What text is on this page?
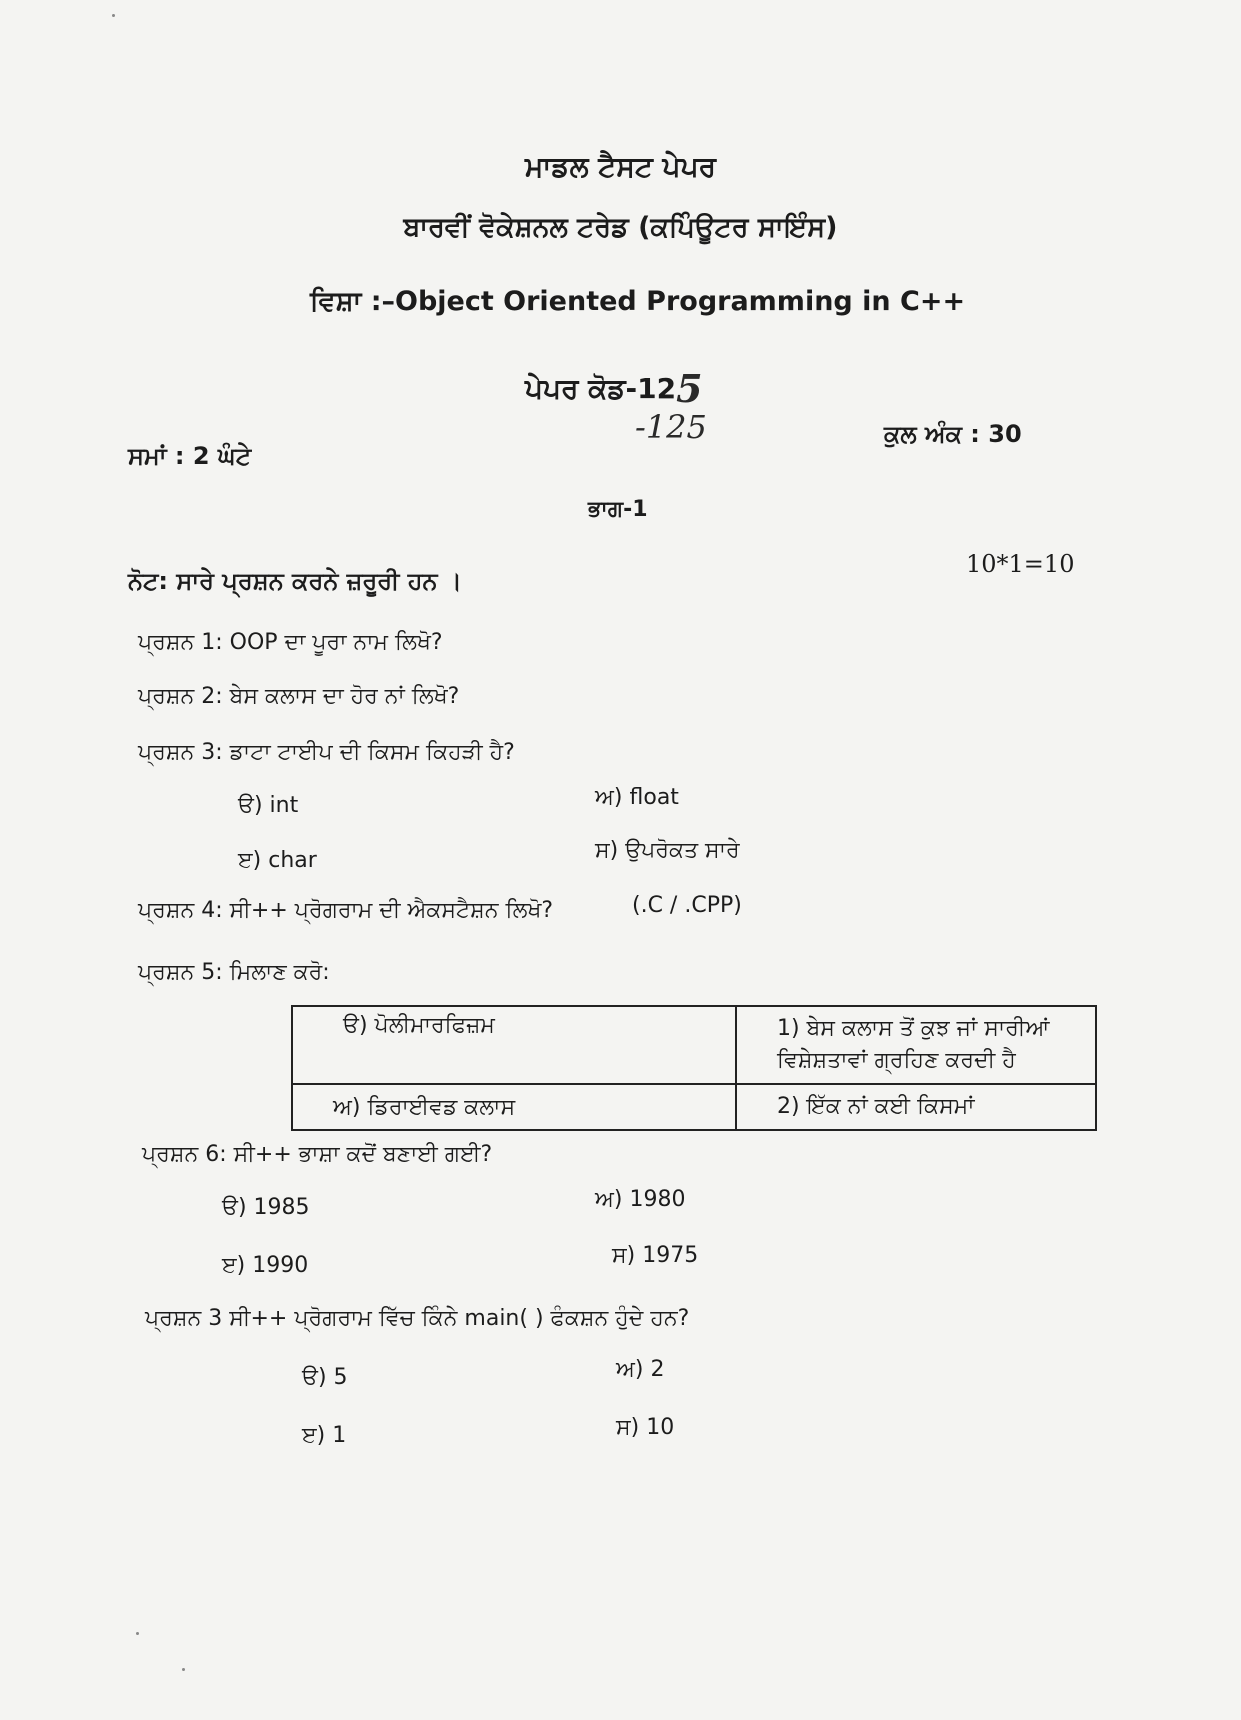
ਮਾਡਲ ਟੈਸਟ ਪੇਪਰ
ਬਾਰਵੀਂ ਵੋਕੇਸ਼ਨਲ ਟਰੇਡ (ਕਪਿੰਊਟਰ ਸਾਇੰਸ)
ਵਿਸ਼ਾ :–Object Oriented Programming in C++
ਪੇਪਰ ਕੋਡ-125
-125
ਸਮਾਂ : 2 ਘੰਟੇ
ਕੁਲ ਅੰਕ : 30
ਭਾਗ-1
ਨੋਟ: ਸਾਰੇ ਪ੍ਰਸ਼ਨ ਕਰਨੇ ਜ਼ਰੂਰੀ ਹਨ ।
10*1=10
ਪ੍ਰਸ਼ਨ 1: OOP ਦਾ ਪੂਰਾ ਨਾਮ ਲਿਖੋ?
ਪ੍ਰਸ਼ਨ 2: ਬੇਸ ਕਲਾਸ ਦਾ ਹੋਰ ਨਾਂ ਲਿਖੋ?
ਪ੍ਰਸ਼ਨ 3: ਡਾਟਾ ਟਾਈਪ ਦੀ ਕਿਸਮ ਕਿਹੜੀ ਹੈ?
ੳ) int	ਅ) float
ੲ) char	ਸ) ਉਪਰੋਕਤ ਸਾਰੇ
ਪ੍ਰਸ਼ਨ 4: ਸੀ++ ਪ੍ਰੋਗਰਾਮ ਦੀ ਐਕਸਟੈਸ਼ਨ ਲਿਖੋ?	(.C / .CPP)
ਪ੍ਰਸ਼ਨ 5: ਮਿਲਾਣ ਕਰੋ:
ੳ) ਪੋਲੀਮਾਰਫਿਜ਼ਮ	1) ਬੇਸ ਕਲਾਸ ਤੋਂ ਕੁਝ ਜਾਂ ਸਾਰੀਆਂ ਵਿਸ਼ੇਸ਼ਤਾਵਾਂ ਗ੍ਰਹਿਣ ਕਰਦੀ ਹੈ
ਅ) ਡਿਰਾਈਵਡ ਕਲਾਸ	2) ਇੱਕ ਨਾਂ ਕਈ ਕਿਸਮਾਂ
ਪ੍ਰਸ਼ਨ 6: ਸੀ++ ਭਾਸ਼ਾ ਕਦੋਂ ਬਣਾਈ ਗਈ?
ੳ) 1985	ਅ) 1980
ੲ) 1990	ਸ) 1975
ਪ੍ਰਸ਼ਨ 3 ਸੀ++ ਪ੍ਰੋਗਰਾਮ ਵਿੱਚ ਕਿੰਨੇ main( ) ਫੰਕਸ਼ਨ ਹੁੰਦੇ ਹਨ?
ੳ) 5	ਅ) 2
ੲ) 1	ਸ) 10
